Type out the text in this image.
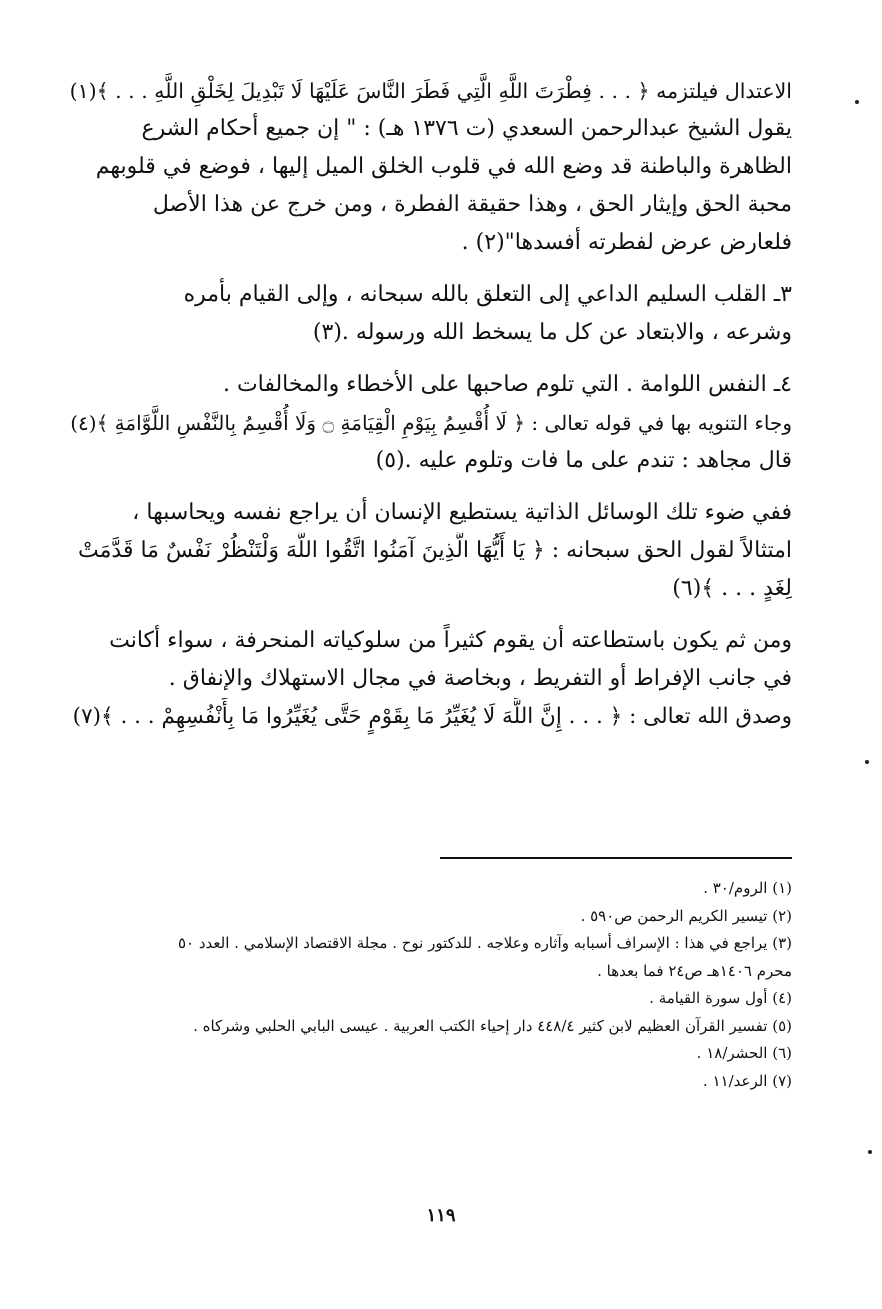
الاعتدال فيلتزمه ﴿ . . . فِطْرَتَ اللَّهِ الَّتِي فَطَرَ النَّاسَ عَلَيْهَا لَا تَبْدِيلَ لِخَلْقِ اللَّهِ . . . ﴾(١)

يقول الشيخ عبدالرحمن السعدي (ت ١٣٧٦ هـ) : " إن جميع أحكام الشرع

الظاهرة والباطنة قد وضع الله في قلوب الخلق الميل إليها ، فوضع في قلوبهم

محبة الحق وإيثار الحق ، وهذا حقيقة الفطرة ، ومن خرج عن هذا الأصل

فلعارض عرض لفطرته أفسدها"(٢) .

٣ـ القلب السليم الداعي إلى التعلق بالله سبحانه ، وإلى القيام بأمره

وشرعه ، والابتعاد عن كل ما يسخط الله ورسوله .(٣)

٤ـ النفس اللوامة . التي تلوم صاحبها على الأخطاء والمخالفات .

وجاء التنويه بها في قوله تعالى : ﴿ لَا أُقْسِمُ بِيَوْمِ الْقِيَامَةِ ۝ وَلَا أُقْسِمُ بِالنَّفْسِ اللَّوَّامَةِ ﴾(٤)

قال مجاهد : تندم على ما فات وتلوم عليه .(٥)

ففي ضوء تلك الوسائل الذاتية يستطيع الإنسان أن يراجع نفسه ويحاسبها ،

امتثالاً لقول الحق سبحانه : ﴿ يَا أَيُّهَا الَّذِينَ آمَنُوا اتَّقُوا اللَّهَ وَلْتَنْظُرْ نَفْسٌ مَا قَدَّمَتْ

لِغَدٍ . . . ﴾(٦)

ومن ثم يكون باستطاعته أن يقوم كثيراً من سلوكياته المنحرفة ، سواء أكانت

في جانب الإفراط أو التفريط ، وبخاصة في مجال الاستهلاك والإنفاق .

وصدق الله تعالى : ﴿ . . . إِنَّ اللَّهَ لَا يُغَيِّرُ مَا بِقَوْمٍ حَتَّى يُغَيِّرُوا مَا بِأَنْفُسِهِمْ . . . ﴾(٧)

(١) الروم/٣٠ .

(٢) تيسير الكريم الرحمن ص٥٩٠ .

(٣) يراجع في هذا : الإسراف أسبابه وآثاره وعلاجه . للدكتور نوح . مجلة الاقتصاد الإسلامي . العدد ٥٠

محرم ١٤٠٦هـ ص٢٤ فما بعدها .

(٤) أول سورة القيامة .

(٥) تفسير القرآن العظيم لابن كثير ٤٤٨/٤ دار إحياء الكتب العربية . عيسى البابي الحلبي وشركاه .

(٦) الحشر/١٨ .

(٧) الرعد/١١ .

١١٩
